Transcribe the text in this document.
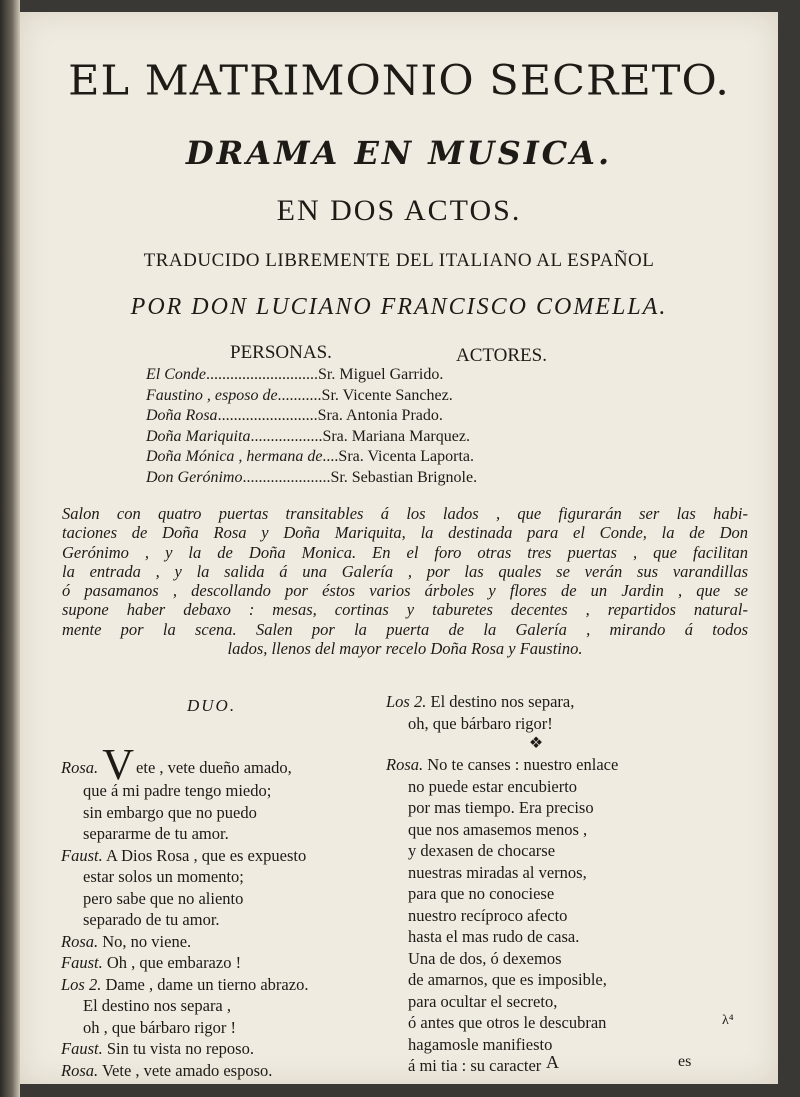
EL MATRIMONIO SECRETO.
DRAMA EN MUSICA.
EN DOS ACTOS.
TRADUCIDO LIBREMENTE DEL ITALIANO AL ESPAÑOL
POR DON LUCIANO FRANCISCO COMELLA.
PERSONAS.	ACTORES.
El Conde ............................ Sr. Miguel Garrido.
Faustino , esposo de ........... Sr. Vicente Sanchez.
Doña Rosa ......................... Sra. Antonia Prado.
Doña Mariquita .................. Sra. Mariana Marquez.
Doña Mónica , hermana de .... Sra. Vicenta Laporta.
Don Gerónimo ...................... Sr. Sebastian Brignole.
Salon con quatro puertas transitables á los lados , que figurarán ser las habi-
taciones de Doña Rosa y Doña Mariquita, la destinada para el Conde, la de Don
Gerónimo , y la de Doña Monica. En el foro otras tres puertas , que facilitan
la entrada , y la salida á una Galería , por las quales se verán sus varandillas
ó pasamanos , descollando por éstos varios árboles y flores de un Jardin , que se
supone haber debaxo : mesas, cortinas y taburetes decentes , repartidos natural-
mente por la scena. Salen por la puerta de la Galería , mirando á todos
lados, llenos del mayor recelo Doña Rosa y Faustino.
DUO.
Rosa. V ete , vete dueño amado,
que á mi padre tengo miedo;
sin embargo que no puedo
separarme de tu amor.
Faust. A Dios Rosa , que es expuesto
estar solos un momento;
pero sabe que no aliento
separado de tu amor.
Rosa. No, no viene.
Faust. Oh , que embarazo !
Los 2. Dame , dame un tierno abrazo.
El destino nos separa ,
oh , que bárbaro rigor !
Faust. Sin tu vista no reposo.
Rosa. Vete , vete amado esposo.
Los 2. El destino nos separa,
oh, que bárbaro rigor!
❖
Rosa. No te canses : nuestro enlace
no puede estar encubierto
por mas tiempo. Era preciso
que nos amasemos menos ,
y dexasen de chocarse
nuestras miradas al vernos,
para que no conociese
nuestro recíproco afecto
hasta el mas rudo de casa.
Una de dos, ó dexemos
de amarnos, que es imposible,
para ocultar el secreto,
ó antes que otros le descubran
hagamosle manifiesto
á mi tia : su caracter
λ⁴
A	es
